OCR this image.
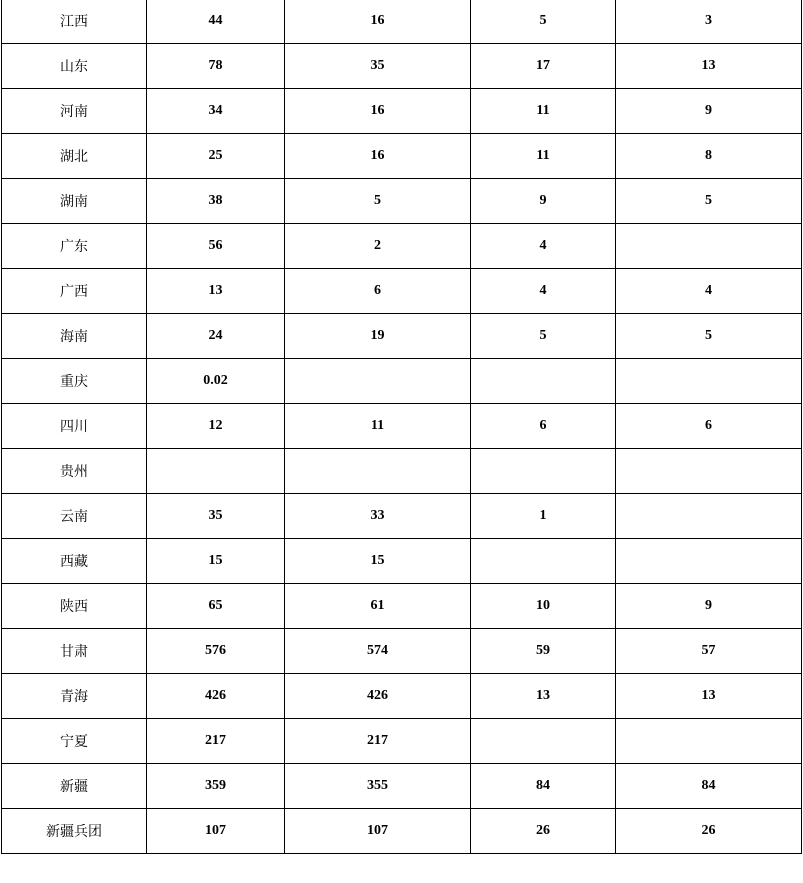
江西	44	16	5	3
山东	78	35	17	13
河南	34	16	11	9
湖北	25	16	11	8
湖南	38	5	9	5
广东	56	2	4	
广西	13	6	4	4
海南	24	19	5	5
重庆	0.02			
四川	12	11	6	6
贵州				
云南	35	33	1	
西藏	15	15		
陕西	65	61	10	9
甘肃	576	574	59	57
青海	426	426	13	13
宁夏	217	217		
新疆	359	355	84	84
新疆兵团	107	107	26	26
